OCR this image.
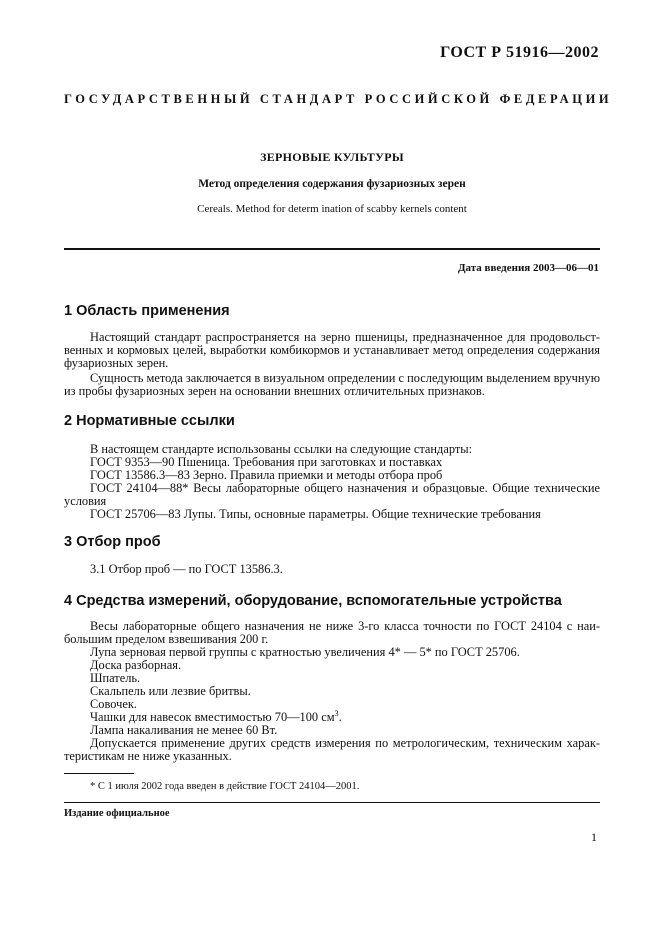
ГОСТ Р 51916—2002
ГОСУДАРСТВЕННЫЙ СТАНДАРТ РОССИЙСКОЙ ФЕДЕРАЦИИ
ЗЕРНОВЫЕ КУЛЬТУРЫ
Метод определения содержания фузариозных зерен
Cereals. Method for determ ination of scabby kernels content
Дата введения 2003—06—01
1 Область применения
Настоящий стандарт распространяется на зерно пшеницы, предназначенное для продовольст-
венных и кормовых целей, выработки комбикормов и устанавливает метод определения содержания
фузариозных зерен.
Сущность метода заключается в визуальном определении с последующим выделением вручную
из пробы фузариозных зерен на основании внешних отличительных признаков.
2 Нормативные ссылки
В настоящем стандарте использованы ссылки на следующие стандарты:
ГОСТ 9353—90 Пшеница. Требования при заготовках и поставках
ГОСТ 13586.3—83 Зерно. Правила приемки и методы отбора проб
ГОСТ 24104—88* Весы лабораторные общего назначения и образцовые. Общие технические
условия
ГОСТ 25706—83 Лупы. Типы, основные параметры. Общие технические требования
3 Отбор проб
3.1 Отбор проб — по ГОСТ 13586.3.
4 Средства измерений, оборудование, вспомогательные устройства
Весы лабораторные общего назначения не ниже 3-го класса точности по ГОСТ 24104 с наи-
большим пределом взвешивания 200 г.
Лупа зерновая первой группы с кратностью увеличения 4* — 5* по ГОСТ 25706.
Доска разборная.
Шпатель.
Скальпель или лезвие бритвы.
Совочек.
Чашки для навесок вместимостью 70—100 $см^3$.
Лампа накаливания не менее 60 Вт.
Допускается применение других средств измерения по метрологическим, техническим харак-
теристикам не ниже указанных.
* С 1 июля 2002 года введен в действие ГОСТ 24104—2001.
Издание официальное
1
